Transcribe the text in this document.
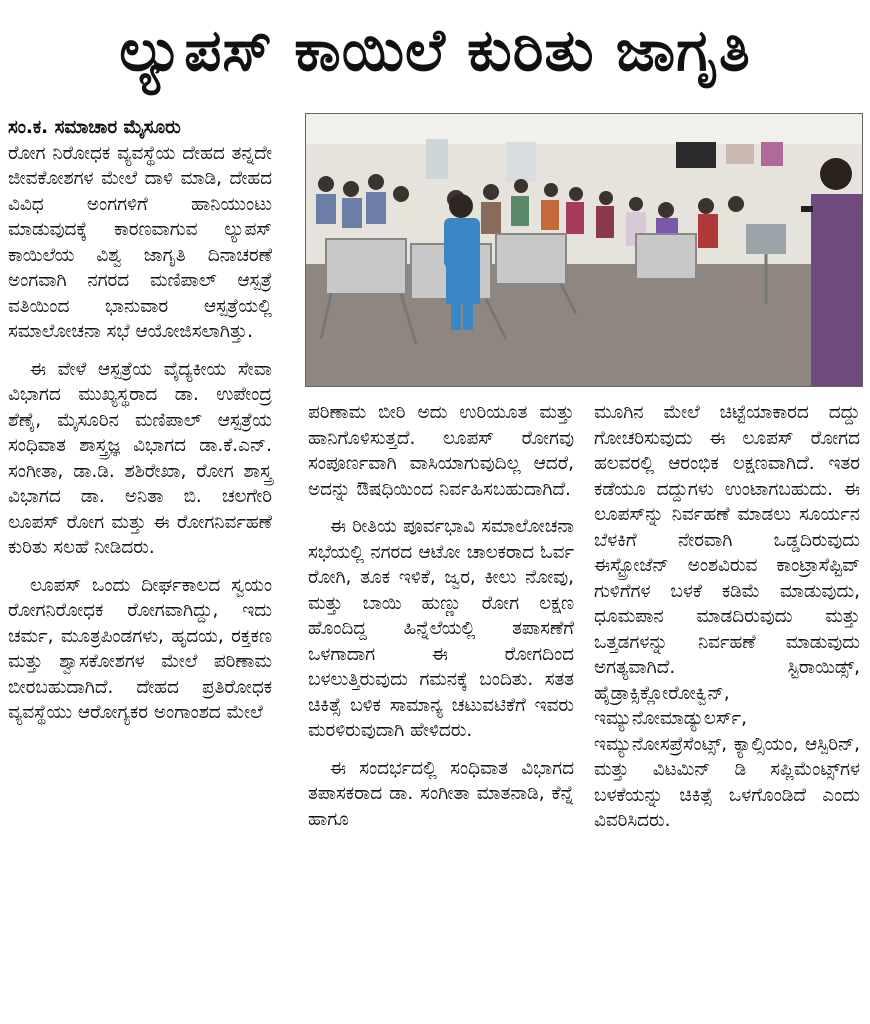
ಲ್ಯುಪಸ್ ಕಾಯಿಲೆ ಕುರಿತು ಜಾಗೃತಿ

ಸಂ.ಕ. ಸಮಾಚಾರ ಮೈಸೂರು

ರೋಗ ನಿರೋಧಕ ವ್ಯವಸ್ಥೆಯ ದೇಹದ ತನ್ನದೇ ಜೀವಕೋಶಗಳ ಮೇಲೆ ದಾಳಿ ಮಾಡಿ, ದೇಹದ ವಿವಿಧ ಅಂಗಗಳಿಗೆ ಹಾನಿಯುಂಟು ಮಾಡುವುದಕ್ಕೆ ಕಾರಣವಾಗುವ ಲ್ಯುಪಸ್ ಕಾಯಿಲೆಯ ವಿಶ್ವ ಜಾಗೃತಿ ದಿನಾಚರಣೆ ಅಂಗವಾಗಿ ನಗರದ ಮಣಿಪಾಲ್ ಆಸ್ಪತ್ರೆ ವತಿಯಿಂದ ಭಾನುವಾರ ಆಸ್ಪತ್ರೆಯಲ್ಲಿ ಸಮಾಲೋಚನಾ ಸಭೆ ಆಯೋಜಿಸಲಾಗಿತ್ತು.

ಈ ವೇಳೆ ಆಸ್ಪತ್ರೆಯ ವೈದ್ಯಕೀಯ ಸೇವಾ ವಿಭಾಗದ ಮುಖ್ಯಸ್ಥರಾದ ಡಾ. ಉಪೇಂದ್ರ ಶೆಣೈ, ಮೈಸೂರಿನ ಮಣಿಪಾಲ್ ಆಸ್ಪತ್ರೆಯ ಸಂಧಿವಾತ ಶಾಸ್ತ್ರಜ್ಞ ವಿಭಾಗದ ಡಾ.ಕೆ.ಎನ್. ಸಂಗೀತಾ, ಡಾ.ಡಿ. ಶಶಿರೇಖಾ, ರೋಗ ಶಾಸ್ತ್ರ ವಿಭಾಗದ ಡಾ. ಅನಿತಾ ಬಿ. ಚಲಗೇರಿ ಲೂಪಸ್ ರೋಗ ಮತ್ತು ಈ ರೋಗನಿರ್ವಹಣೆ ಕುರಿತು ಸಲಹೆ ನೀಡಿದರು.

ಲೂಪಸ್ ಒಂದು ದೀರ್ಘಕಾಲದ ಸ್ವಯಂ ರೋಗನಿರೋಧಕ ರೋಗವಾಗಿದ್ದು, ಇದು ಚರ್ಮ, ಮೂತ್ರಪಿಂಡಗಳು, ಹೃದಯ, ರಕ್ತಕಣ ಮತ್ತು ಶ್ವಾಸಕೋಶಗಳ ಮೇಲೆ ಪರಿಣಾಮ ಬೀರಬಹುದಾಗಿದೆ. ದೇಹದ ಪ್ರತಿರೋಧಕ ವ್ಯವಸ್ಥೆಯು ಆರೋಗ್ಯಕರ ಅಂಗಾಂಶದ ಮೇಲೆ

ಪರಿಣಾಮ ಬೀರಿ ಅದು ಉರಿಯೂತ ಮತ್ತು ಹಾನಿಗೊಳಿಸುತ್ತದೆ. ಲೂಪಸ್ ರೋಗವು ಸಂಪೂರ್ಣವಾಗಿ ವಾಸಿಯಾಗುವುದಿಲ್ಲ ಆದರೆ, ಅದನ್ನು ಔಷಧಿಯಿಂದ ನಿರ್ವಹಿಸಬಹುದಾಗಿದೆ.

ಈ ರೀತಿಯ ಪೂರ್ವಭಾವಿ ಸಮಾಲೋಚನಾ ಸಭೆಯಲ್ಲಿ ನಗರದ ಆಟೋ ಚಾಲಕರಾದ ಓರ್ವ ರೋಗಿ, ತೂಕ ಇಳಿಕೆ, ಜ್ವರ, ಕೀಲು ನೋವು, ಮತ್ತು ಬಾಯಿ ಹುಣ್ಣು ರೋಗ ಲಕ್ಷಣ ಹೊಂದಿದ್ದ ಹಿನ್ನೆಲೆಯಲ್ಲಿ ತಪಾಸಣೆಗೆ ಒಳಗಾದಾಗ ಈ ರೋಗದಿಂದ ಬಳಲುತ್ತಿರುವುದು ಗಮನಕ್ಕೆ ಬಂದಿತು. ಸತತ ಚಿಕಿತ್ಸೆ ಬಳಿಕ ಸಾಮಾನ್ಯ ಚಟುವಟಿಕೆಗೆ ಇವರು ಮರಳಿರುವುದಾಗಿ ಹೇಳಿದರು.

ಈ ಸಂದರ್ಭದಲ್ಲಿ ಸಂಧಿವಾತ ವಿಭಾಗದ ತಪಾಸಕರಾದ ಡಾ. ಸಂಗೀತಾ ಮಾತನಾಡಿ, ಕೆನ್ನೆ ಹಾಗೂ

ಮೂಗಿನ ಮೇಲೆ ಚಿಟ್ಟೆಯಾಕಾರದ ದದ್ದು ಗೋಚರಿಸುವುದು ಈ ಲೂಪಸ್ ರೋಗದ ಹಲವರಲ್ಲಿ ಆರಂಭಿಕ ಲಕ್ಷಣವಾಗಿದೆ. ಇತರ ಕಡೆಯೂ ದದ್ದುಗಳು ಉಂಟಾಗಬಹುದು. ಈ ಲೂಪಸ್‌ನ್ನು ನಿರ್ವಹಣೆ ಮಾಡಲು ಸೂರ್ಯನ ಬೆಳಕಿಗೆ ನೇರವಾಗಿ ಒಡ್ಡದಿರುವುದು ಈಸ್ಟ್ರೋಜೆನ್ ಅಂಶವಿರುವ ಕಾಂಟ್ರಾಸೆಪ್ಟಿವ್ ಗುಳಿಗೆಗಳ ಬಳಕೆ ಕಡಿಮೆ ಮಾಡುವುದು, ಧೂಮಪಾನ ಮಾಡದಿರುವುದು ಮತ್ತು ಒತ್ತಡಗಳನ್ನು ನಿರ್ವಹಣೆ ಮಾಡುವುದು ಅಗತ್ಯವಾಗಿದೆ. ಸ್ಟಿರಾಯಿಡ್ಸ್, ಹೈಡ್ರಾಕ್ಸಿಕ್ಲೋರೋಕ್ವಿನ್, ಇಮ್ಯುನೋಮಾಡ್ಯುಲರ್ಸ್, ಇಮ್ಯುನೋಸಪ್ರೆಸೆಂಟ್ಸ್, ಕ್ಯಾಲ್ಸಿಯಂ, ಆಸ್ಪಿರಿನ್, ಮತ್ತು ವಿಟಮಿನ್ ಡಿ ಸಪ್ಲಿಮೆಂಟ್ಸ್‌ಗಳ ಬಳಕೆಯನ್ನು ಚಿಕಿತ್ಸೆ ಒಳಗೊಂಡಿದೆ ಎಂದು ವಿವರಿಸಿದರು.
